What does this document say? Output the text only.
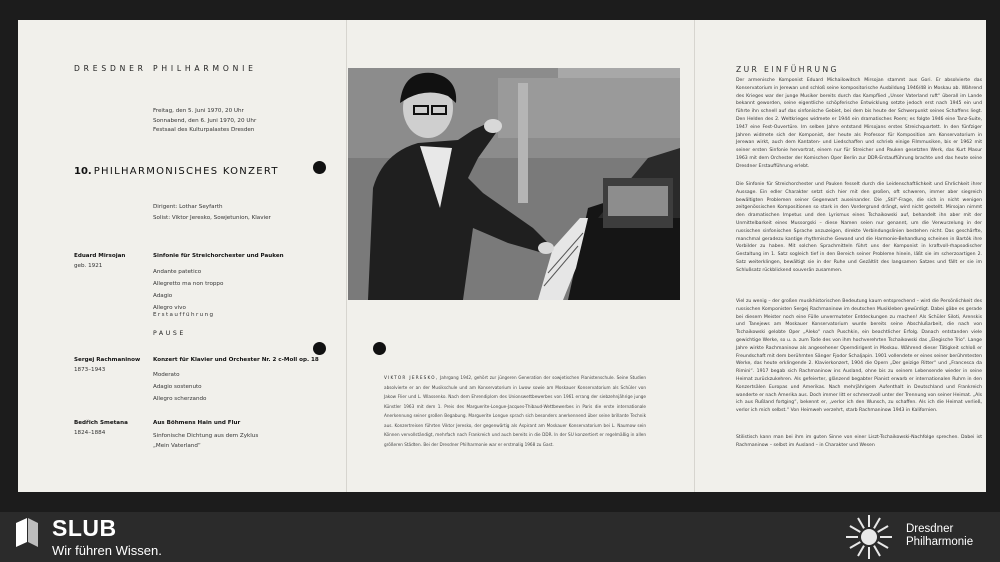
DRESDNER PHILHARMONIE
Freitag, den 5. Juni 1970, 20 Uhr
Sonnabend, den 6. Juni 1970, 20 Uhr
Festsaal des Kulturpalastes Dresden
10. PHILHARMONISCHES KONZERT
Dirigent: Lothar Seyfarth
Solist: Viktor Jeresko, Sowjetunion, Klavier
Eduard Mirsojan
geb. 1921
Sinfonie für Streichorchester und Pauken
Andante patetico
Allegretto ma non troppo
Adagio
Allegro vivo
Erstaufführung
PAUSE
Sergej Rachmaninow
1873–1943
Konzert für Klavier und Orchester Nr. 2 c-Moll op. 18
Moderato
Adagio sostenuto
Allegro scherzando
Bedřich Smetana
1824–1884
Aus Böhmens Hain und Flur
Sinfonische Dichtung aus dem Zyklus
„Mein Vaterland“
VIKTOR JERESKO, Jahrgang 1942, gehört zur jüngeren Generation der sowjetischen Pianistenschule. Seine Studien absolvierte er an der Musikschule und am Konservatorium in Lwow sowie am Moskauer Konservatorium als Schüler von Jakow Flier und L. Wlassenko. Nach dem Ehrendiplom des Unionswettbewerbes von 1961 errang der siebzehnjährige junge Künstler 1963 mit dem 1. Preis des Marguerite-Longue-Jacques-Thibaud-Wettbewerbes in Paris die erste internationale Anerkennung seiner großen Begabung. Marguerite Longue sprach sich besonders anerkennend über seine brillante Technik aus. Konzertreisen führten Viktor Jeresko, der gegenwärtig als Aspirant am Moskauer Konservatorium bei L. Naumow sein Können vervollständigt, mehrfach nach Frankreich und auch bereits in die DDR. In der SU konzertiert er regelmäßig in allen größeren Städten. Bei der Dresdner Philharmonie war er erstmalig 1968 zu Gast.
ZUR EINFÜHRUNG
Der armenische Komponist Eduard Michailowitsch Mirsojan stammt aus Gori. Er absolvierte das Konservatorium in Jerewan und schloß seine kompositorische Ausbildung 1946/48 in Moskau ab. Während des Krieges war der junge Musiker bereits durch das Kampflied „Unser Vaterland ruft“ überall im Lande bekannt geworden, seine eigentliche schöpferische Entwicklung setzte jedoch erst nach 1945 ein und führte ihn schnell auf das sinfonische Gebiet, bei dem bis heute der Schwerpunkt seines Schaffens liegt. Den Helden des 2. Weltkrieges widmete er 1944 ein dramatisches Poem; es folgte 1946 eine Tanz-Suite, 1947 eine Fest-Ouvertüre. Im selben Jahre entstand Mirsojans erstes Streichquartett. In den fünfziger Jahren widmete sich der Komponist, der heute als Professor für Komposition am Konservatorium in Jerewan wirkt, auch dem Kantaten- und Liedschaffen und schrieb einige Filmmusiken, bis er 1962 mit seiner ersten Sinfonie hervortrat, einem nur für Streicher und Pauken gesetzten Werk, das Kurt Masur 1963 mit dem Orchester der Komischen Oper Berlin zur DDR-Erstaufführung brachte und das heute seine Dresdner Erstaufführung erlebt.
Die Sinfonie für Streichorchester und Pauken fesselt durch die Leidenschaftlichkeit und Ehrlichkeit ihrer Aussage. Ein edler Charakter setzt sich hier mit den großen, oft schweren, immer aber siegreich bewältigten Problemen seiner Gegenwart auseinander. Die „Stil“-Frage, die sich in nicht wenigen zeitgenössischen Kompositionen so stark in den Vordergrund drängt, wird nicht gestellt. Mirsojan nimmt den dramatischen Impetus und den Lyrismus eines Tschaikowski auf, behandelt ihn aber mit der Unmittelbarkeit eines Mussorgski – diese Namen seien nur genannt, um die Verwurzelung in der russischen sinfonischen Sprache anzuzeigen, direkte Verbindungslinien bestehen nicht. Das geschärfte, manchmal geradezu kantige rhythmische Gewand und die Harmonie-Behandlung scheinen in Bartók ihre Vorbilder zu haben. Mit solchen Sprachmitteln führt uns der Komponist in kraftvoll-rhapsodischer Gestaltung im 1. Satz sogleich tief in den Bereich seiner Probleme hinein, läßt sie im scherzoartigen 2. Satz weiterklingen, bewältigt sie in der Ruhe und Gezältlit des langsamen Satzes und fällt er sie im Schlußsatz rückblickend souverän zusammen.
Viel zu wenig – der großen musikhistorischen Bedeutung kaum entsprechend – wird die Persönlichkeit des russischen Komponisten Sergej Rachmaninow im deutschen Musikleben gewürdigt. Dabei gäbe es gerade bei diesem Meister noch eine Fülle unvermuteter Entdeckungen zu machen! Als Schüler Siloti, Arenskis und Tanejews am Moskauer Konservatorium wurde bereits seine Abschlußarbeit, die nach von Tschaikowski gelobte Oper „Aleko“ nach Puschkin, ein beachtlicher Erfolg. Danach entstanden viele gewichtige Werke, so u. a. zum Tode des von ihm hochverehrten Tschaikowski das „Elegische Trio“. Lange Jahre wirkte Rachmaninow als angesehener Operndirigent in Moskau. Während dieser Tätigkeit schloß er Freundschaft mit dem berühmten Sänger Fjodor Schaljapin. 1901 vollendete er eines seiner berühmtesten Werke, das heute erklingende 2. Klavierkonzert, 1904 die Opern „Der geizige Ritter“ und „Francesca da Rimini“. 1917 begab sich Rachmaninow ins Ausland, ohne bis zu seinem Lebensende wieder in seine Heimat zurückzukehren. Als gefeierter, glänzend begabter Pianist erwarb er internationalen Ruhm in den Konzertsälen Europas und Amerikas. Nach mehrjährigem Aufenthalt in Deutschland und Frankreich wanderte er nach Amerika aus. Doch immer litt er schmerzvoll unter der Trennung von seiner Heimat. „Als ich aus Rußland fortging“, bekennt er, „verlor ich den Wunsch, zu schaffen. Als ich die Heimat verließ, verlor ich mich selbst.“ Von Heimweh verzehrt, starb Rachmaninow 1943 in Kalifornien.
Stilistisch kann man bei ihm im guten Sinne von einer Liszt-Tschaikowski-Nachfolge sprechen. Dabei ist Rachmaninow – selbst im Ausland – in Charakter und Wesen
SLUB
Wir führen Wissen.
Dresdner
Philharmonie
